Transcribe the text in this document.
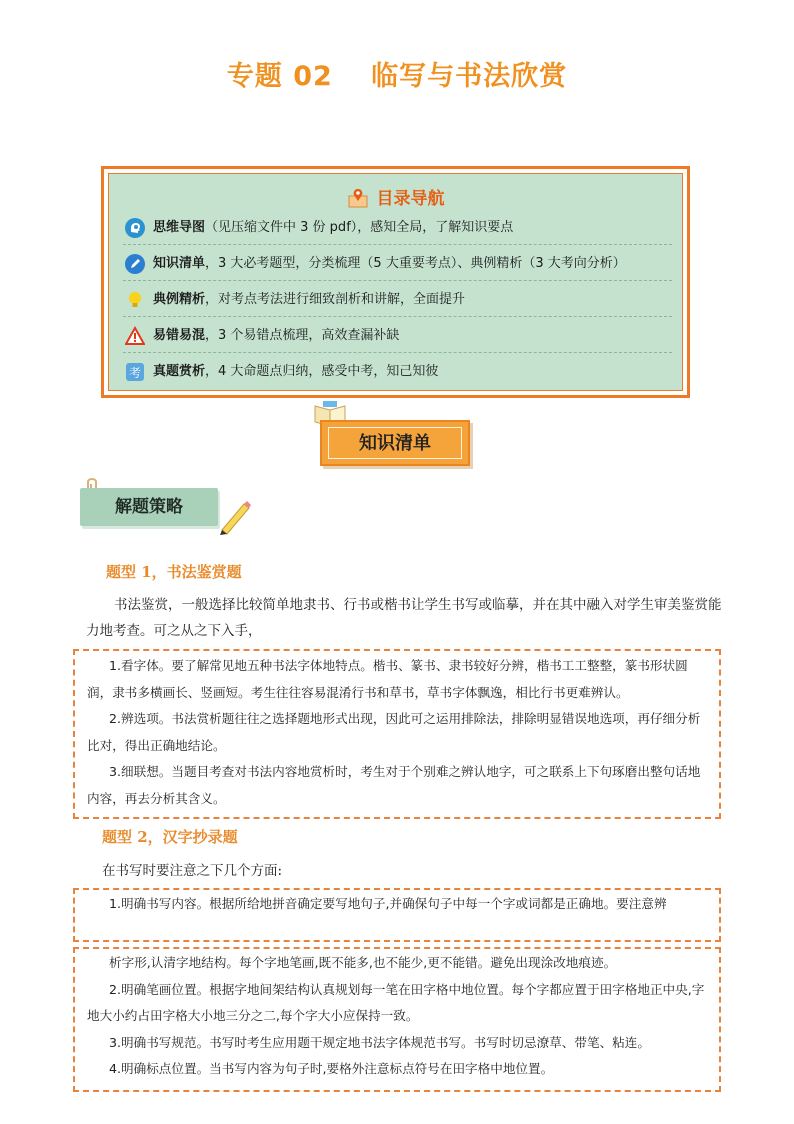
专题 02　 临写与书法欣赏
目录导航
思维导图（见压缩文件中 3 份 pdf），感知全局，了解知识要点
知识清单，3 大必考题型，分类梳理（5 大重要考点）、典例精析（3 大考向分析）
典例精析，对考点考法进行细致剖析和讲解，全面提升
易错易混，3 个易错点梳理，高效查漏补缺
考 真题赏析，4 大命题点归纳，感受中考，知己知彼
知识清单
解题策略
题型 1，书法鉴赏题
书法鉴赏，一般选择比较简单地隶书、行书或楷书让学生书写或临摹，并在其中融入对学生审美鉴赏能力地考查。可之从之下入手，

1.看字体。要了解常见地五种书法字体地特点。楷书、篆书、隶书较好分辨，楷书工工整整，篆书形状圆润，隶书多横画长、竖画短。考生往往容易混淆行书和草书，草书字体飘逸，相比行书更难辨认。

2.辨选项。书法赏析题往往之选择题地形式出现，因此可之运用排除法，排除明显错误地选项，再仔细分析比对，得出正确地结论。

3.细联想。当题目考查对书法内容地赏析时，考生对于个别难之辨认地字，可之联系上下句琢磨出整句话地内容，再去分析其含义。

题型 2，汉字抄录题
在书写时要注意之下几个方面:

1.明确书写内容。根据所给地拼音确定要写地句子,并确保句子中每一个字或词都是正确地。要注意辨

析字形,认清字地结构。每个字地笔画,既不能多,也不能少,更不能错。避免出现涂改地痕迹。

2.明确笔画位置。根据字地间架结构认真规划每一笔在田字格中地位置。每个字都应置于田字格地正中央,字地大小约占田字格大小地三分之二,每个字大小应保持一致。

3.明确书写规范。书写时考生应用题干规定地书法字体规范书写。书写时切忌潦草、带笔、粘连。

4.明确标点位置。当书写内容为句子时,要格外注意标点符号在田字格中地位置。
